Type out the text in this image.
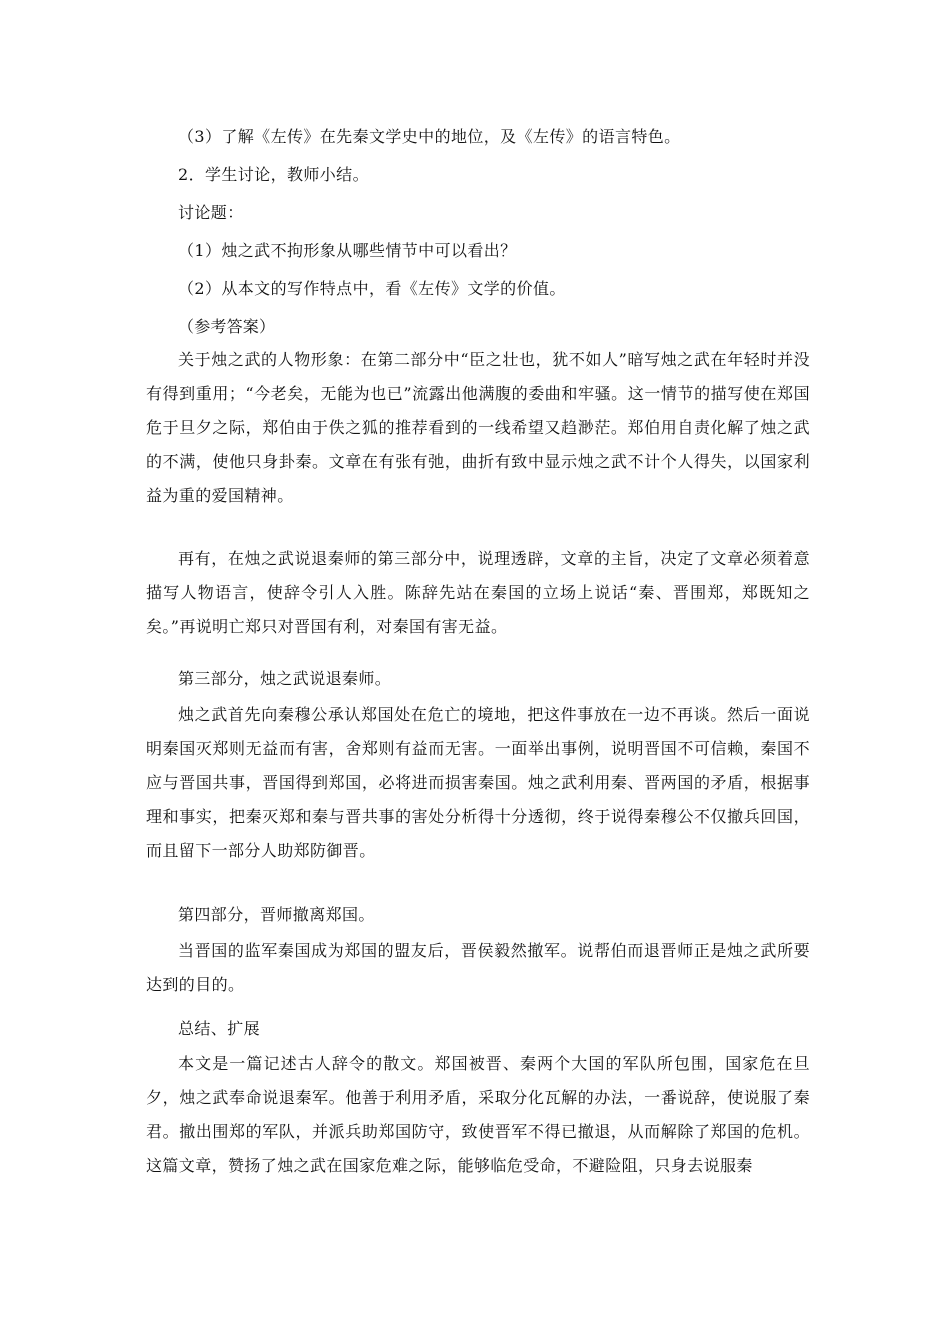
（3）了解《左传》在先秦文学史中的地位，及《左传》的语言特色。

2．学生讨论，教师小结。

讨论题：

（1）烛之武不拘形象从哪些情节中可以看出？

（2）从本文的写作特点中，看《左传》文学的价值。

（参考答案）

关于烛之武的人物形象：在第二部分中“臣之壮也，犹不如人”暗写烛之武在年轻时并没有得到重用；“今老矣，无能为也已”流露出他满腹的委曲和牢骚。这一情节的描写使在郑国危于旦夕之际，郑伯由于佚之狐的推荐看到的一线希望又趋渺茫。郑伯用自责化解了烛之武的不满，使他只身卦秦。文章在有张有弛，曲折有致中显示烛之武不计个人得失，以国家利益为重的爱国精神。

再有，在烛之武说退秦师的第三部分中，说理透辟，文章的主旨，决定了文章必须着意描写人物语言，使辞令引人入胜。陈辞先站在秦国的立场上说话“秦、晋围郑，郑既知之矣。”再说明亡郑只对晋国有利，对秦国有害无益。

第三部分，烛之武说退秦师。

烛之武首先向秦穆公承认郑国处在危亡的境地，把这件事放在一边不再谈。然后一面说明秦国灭郑则无益而有害，舍郑则有益而无害。一面举出事例，说明晋国不可信赖，秦国不应与晋国共事，晋国得到郑国，必将进而损害秦国。烛之武利用秦、晋两国的矛盾，根据事理和事实，把秦灭郑和秦与晋共事的害处分析得十分透彻，终于说得秦穆公不仅撤兵回国，而且留下一部分人助郑防御晋。

第四部分，晋师撤离郑国。

当晋国的监军秦国成为郑国的盟友后，晋侯毅然撤军。说帮伯而退晋师正是烛之武所要达到的目的。

总结、扩展

本文是一篇记述古人辞令的散文。郑国被晋、秦两个大国的军队所包围，国家危在旦夕，烛之武奉命说退秦军。他善于利用矛盾，采取分化瓦解的办法，一番说辞，使说服了秦君。撤出围郑的军队，并派兵助郑国防守，致使晋军不得已撤退，从而解除了郑国的危机。这篇文章，赞扬了烛之武在国家危难之际，能够临危受命，不避险阻，只身去说服秦
